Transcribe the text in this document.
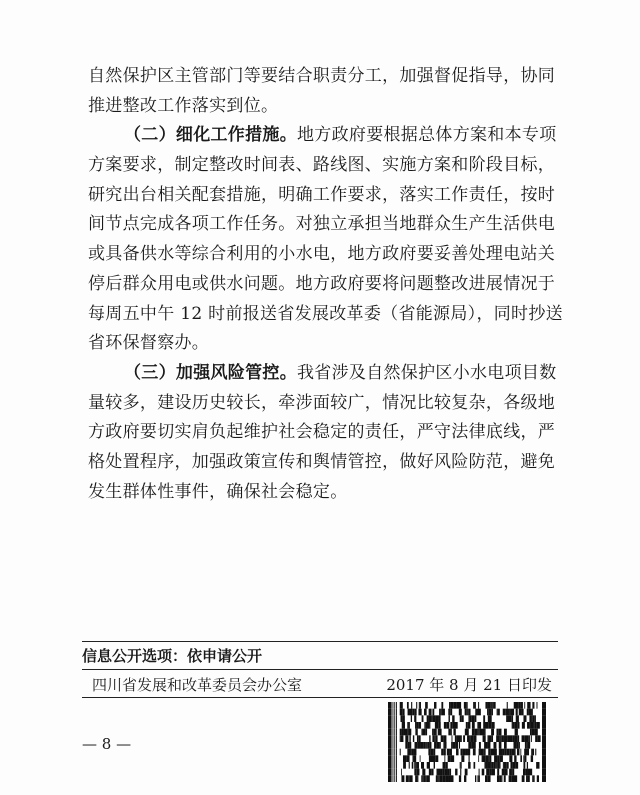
自然保护区主管部门等要结合职责分工，加强督促指导，协同
推进整改工作落实到位。
（二）细化工作措施。地方政府要根据总体方案和本专项
方案要求，制定整改时间表、路线图、实施方案和阶段目标，
研究出台相关配套措施，明确工作要求，落实工作责任，按时
间节点完成各项工作任务。对独立承担当地群众生产生活供电
或具备供水等综合利用的小水电，地方政府要妥善处理电站关
停后群众用电或供水问题。地方政府要将问题整改进展情况于
每周五中午 12 时前报送省发展改革委（省能源局），同时抄送
省环保督察办。
（三）加强风险管控。我省涉及自然保护区小水电项目数
量较多，建设历史较长，牵涉面较广，情况比较复杂，各级地
方政府要切实肩负起维护社会稳定的责任，严守法律底线，严
格处置程序，加强政策宣传和舆情管控，做好风险防范，避免
发生群体性事件，确保社会稳定。
信息公开选项：依申请公开
四川省发展和改革委员会办公室	2017 年 8 月 21 日印发
— 8 —
